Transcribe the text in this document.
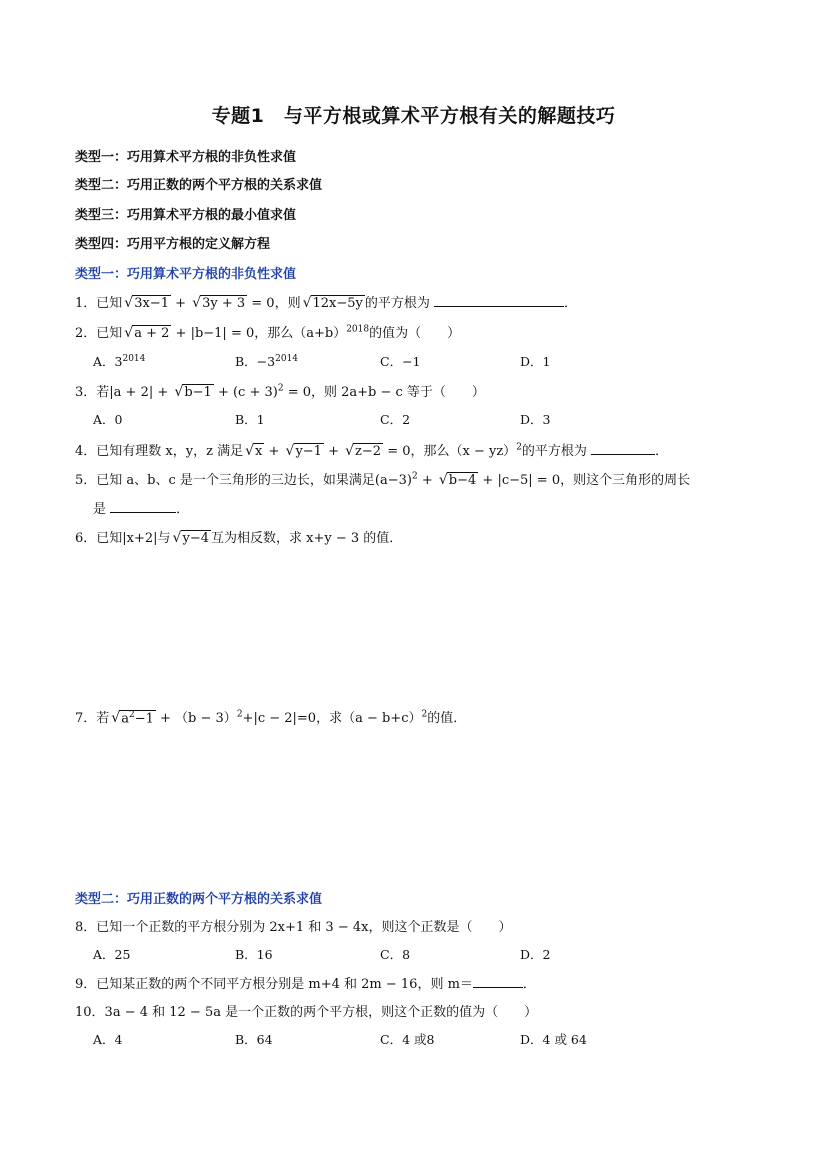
专题1　与平方根或算术平方根有关的解题技巧
类型一：巧用算术平方根的非负性求值
类型二：巧用正数的两个平方根的关系求值
类型三：巧用算术平方根的最小值求值
类型四：巧用平方根的定义解方程
类型一：巧用算术平方根的非负性求值
1．已知 √ 3x−1 + √ 3y + 3 = 0，则 √ 12x−5y 的平方根为	．
2．已知 √ a + 2 + |b−1| = 0，那么$(a+b)^{2018}$的值为（　　）
A．$3^{2014}$	B．$-3^{2014}$	C．−1	D．1
3．若|a + 2| + √ $b-1 + (c + 3)^2 = 0$，则 2a+b − c 等于（　　）
A．0	B．1	C．2	D．3
4．已知有理数 x，y，z 满足 √ x + √ y−1 + √ z−2 = 0，那么（x − yz）$^2$的平方根为	．
5．已知 a、b、c 是一个三角形的三边长，如果满足$(a-3)^2$ + √ b−4 + |c−5| = 0，则这个三角形的周长
是	．
6．已知|x+2|与 √ y−4 互为相反数，求 x+y − 3 的值．
7．若 √ $a^2-1 + (b - 3)^2+|c - 2|=0$，求$(a - b+c)^2$的值．
类型二：巧用正数的两个平方根的关系求值
8．已知一个正数的平方根分别为 2x+1 和 3 − 4x，则这个正数是（　　）
A．25	B．16	C．8	D．2
9．已知某正数的两个不同平方根分别是 m+4 和 2m − 16，则 m＝	．
10．3a − 4 和 12 − 5a 是一个正数的两个平方根，则这个正数的值为（　　）
A．4	B．64	C．4 或8	D．4 或 64
